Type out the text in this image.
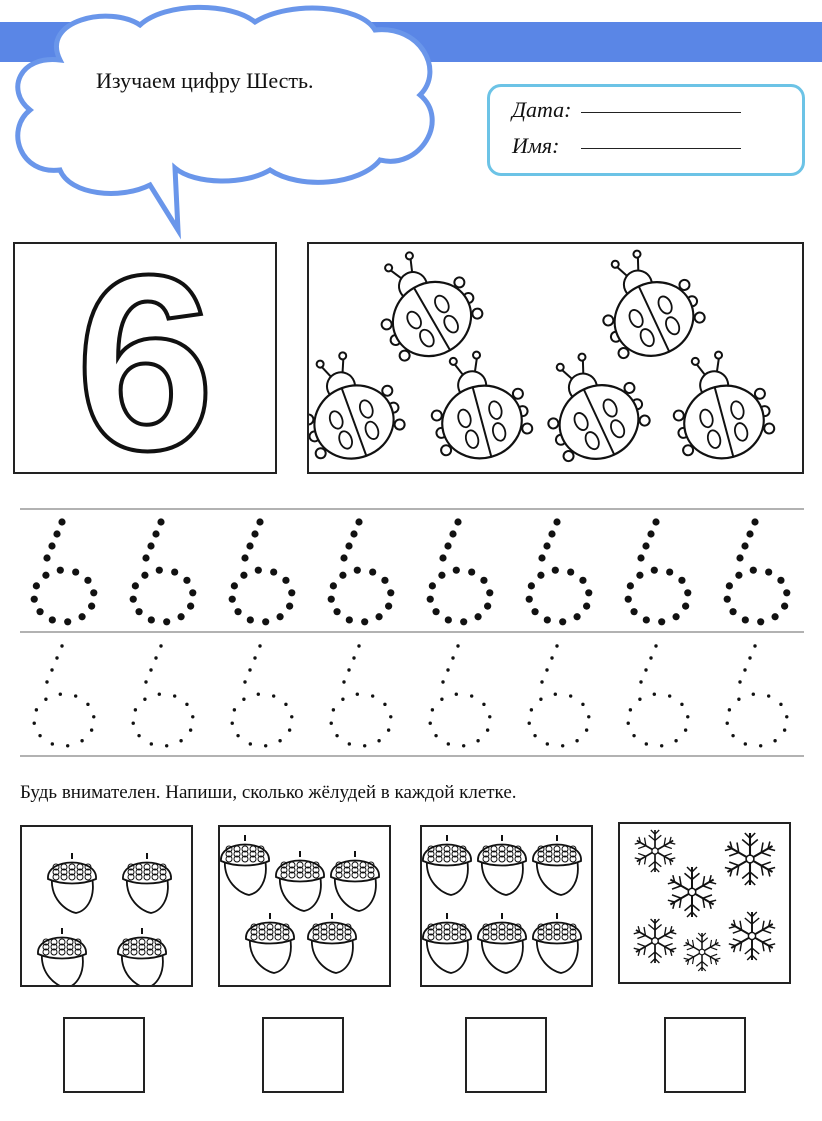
Изучаем цифру Шесть.
Дата:
Имя:
6
Будь внимателен. Напиши, сколько жёлудей в каждой клетке.
